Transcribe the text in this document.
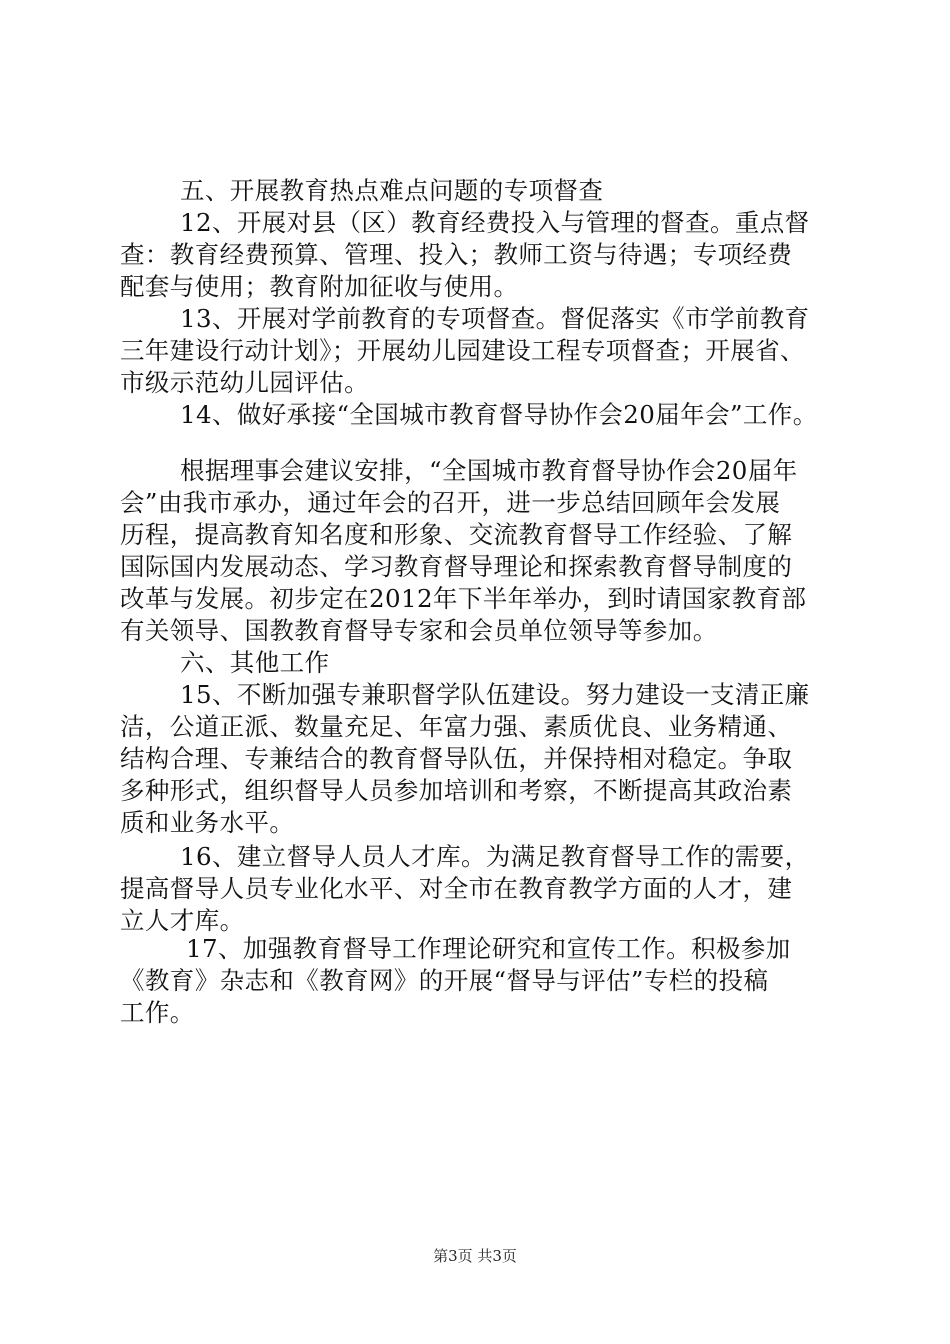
五、开展教育热点难点问题的专项督查
12、开展对县（区）教育经费投入与管理的督查。重点督
查：教育经费预算、管理、投入；教师工资与待遇；专项经费
配套与使用；教育附加征收与使用。
13、开展对学前教育的专项督查。督促落实《市学前教育
三年建设行动计划》；开展幼儿园建设工程专项督查；开展省、
市级示范幼儿园评估。
14、做好承接“全国城市教育督导协作会20届年会”工作。
根据理事会建议安排，“全国城市教育督导协作会20届年
会”由我市承办，通过年会的召开，进一步总结回顾年会发展
历程，提高教育知名度和形象、交流教育督导工作经验、了解
国际国内发展动态、学习教育督导理论和探索教育督导制度的
改革与发展。初步定在2012年下半年举办，到时请国家教育部
有关领导、国教教育督导专家和会员单位领导等参加。
六、其他工作
15、不断加强专兼职督学队伍建设。努力建设一支清正廉
洁，公道正派、数量充足、年富力强、素质优良、业务精通、
结构合理、专兼结合的教育督导队伍，并保持相对稳定。争取
多种形式，组织督导人员参加培训和考察，不断提高其政治素
质和业务水平。
16、建立督导人员人才库。为满足教育督导工作的需要，
提高督导人员专业化水平、对全市在教育教学方面的人才，建
立人才库。
17、加强教育督导工作理论研究和宣传工作。积极参加
《教育》杂志和《教育网》的开展“督导与评估”专栏的投稿
工作。
第3页 共3页
